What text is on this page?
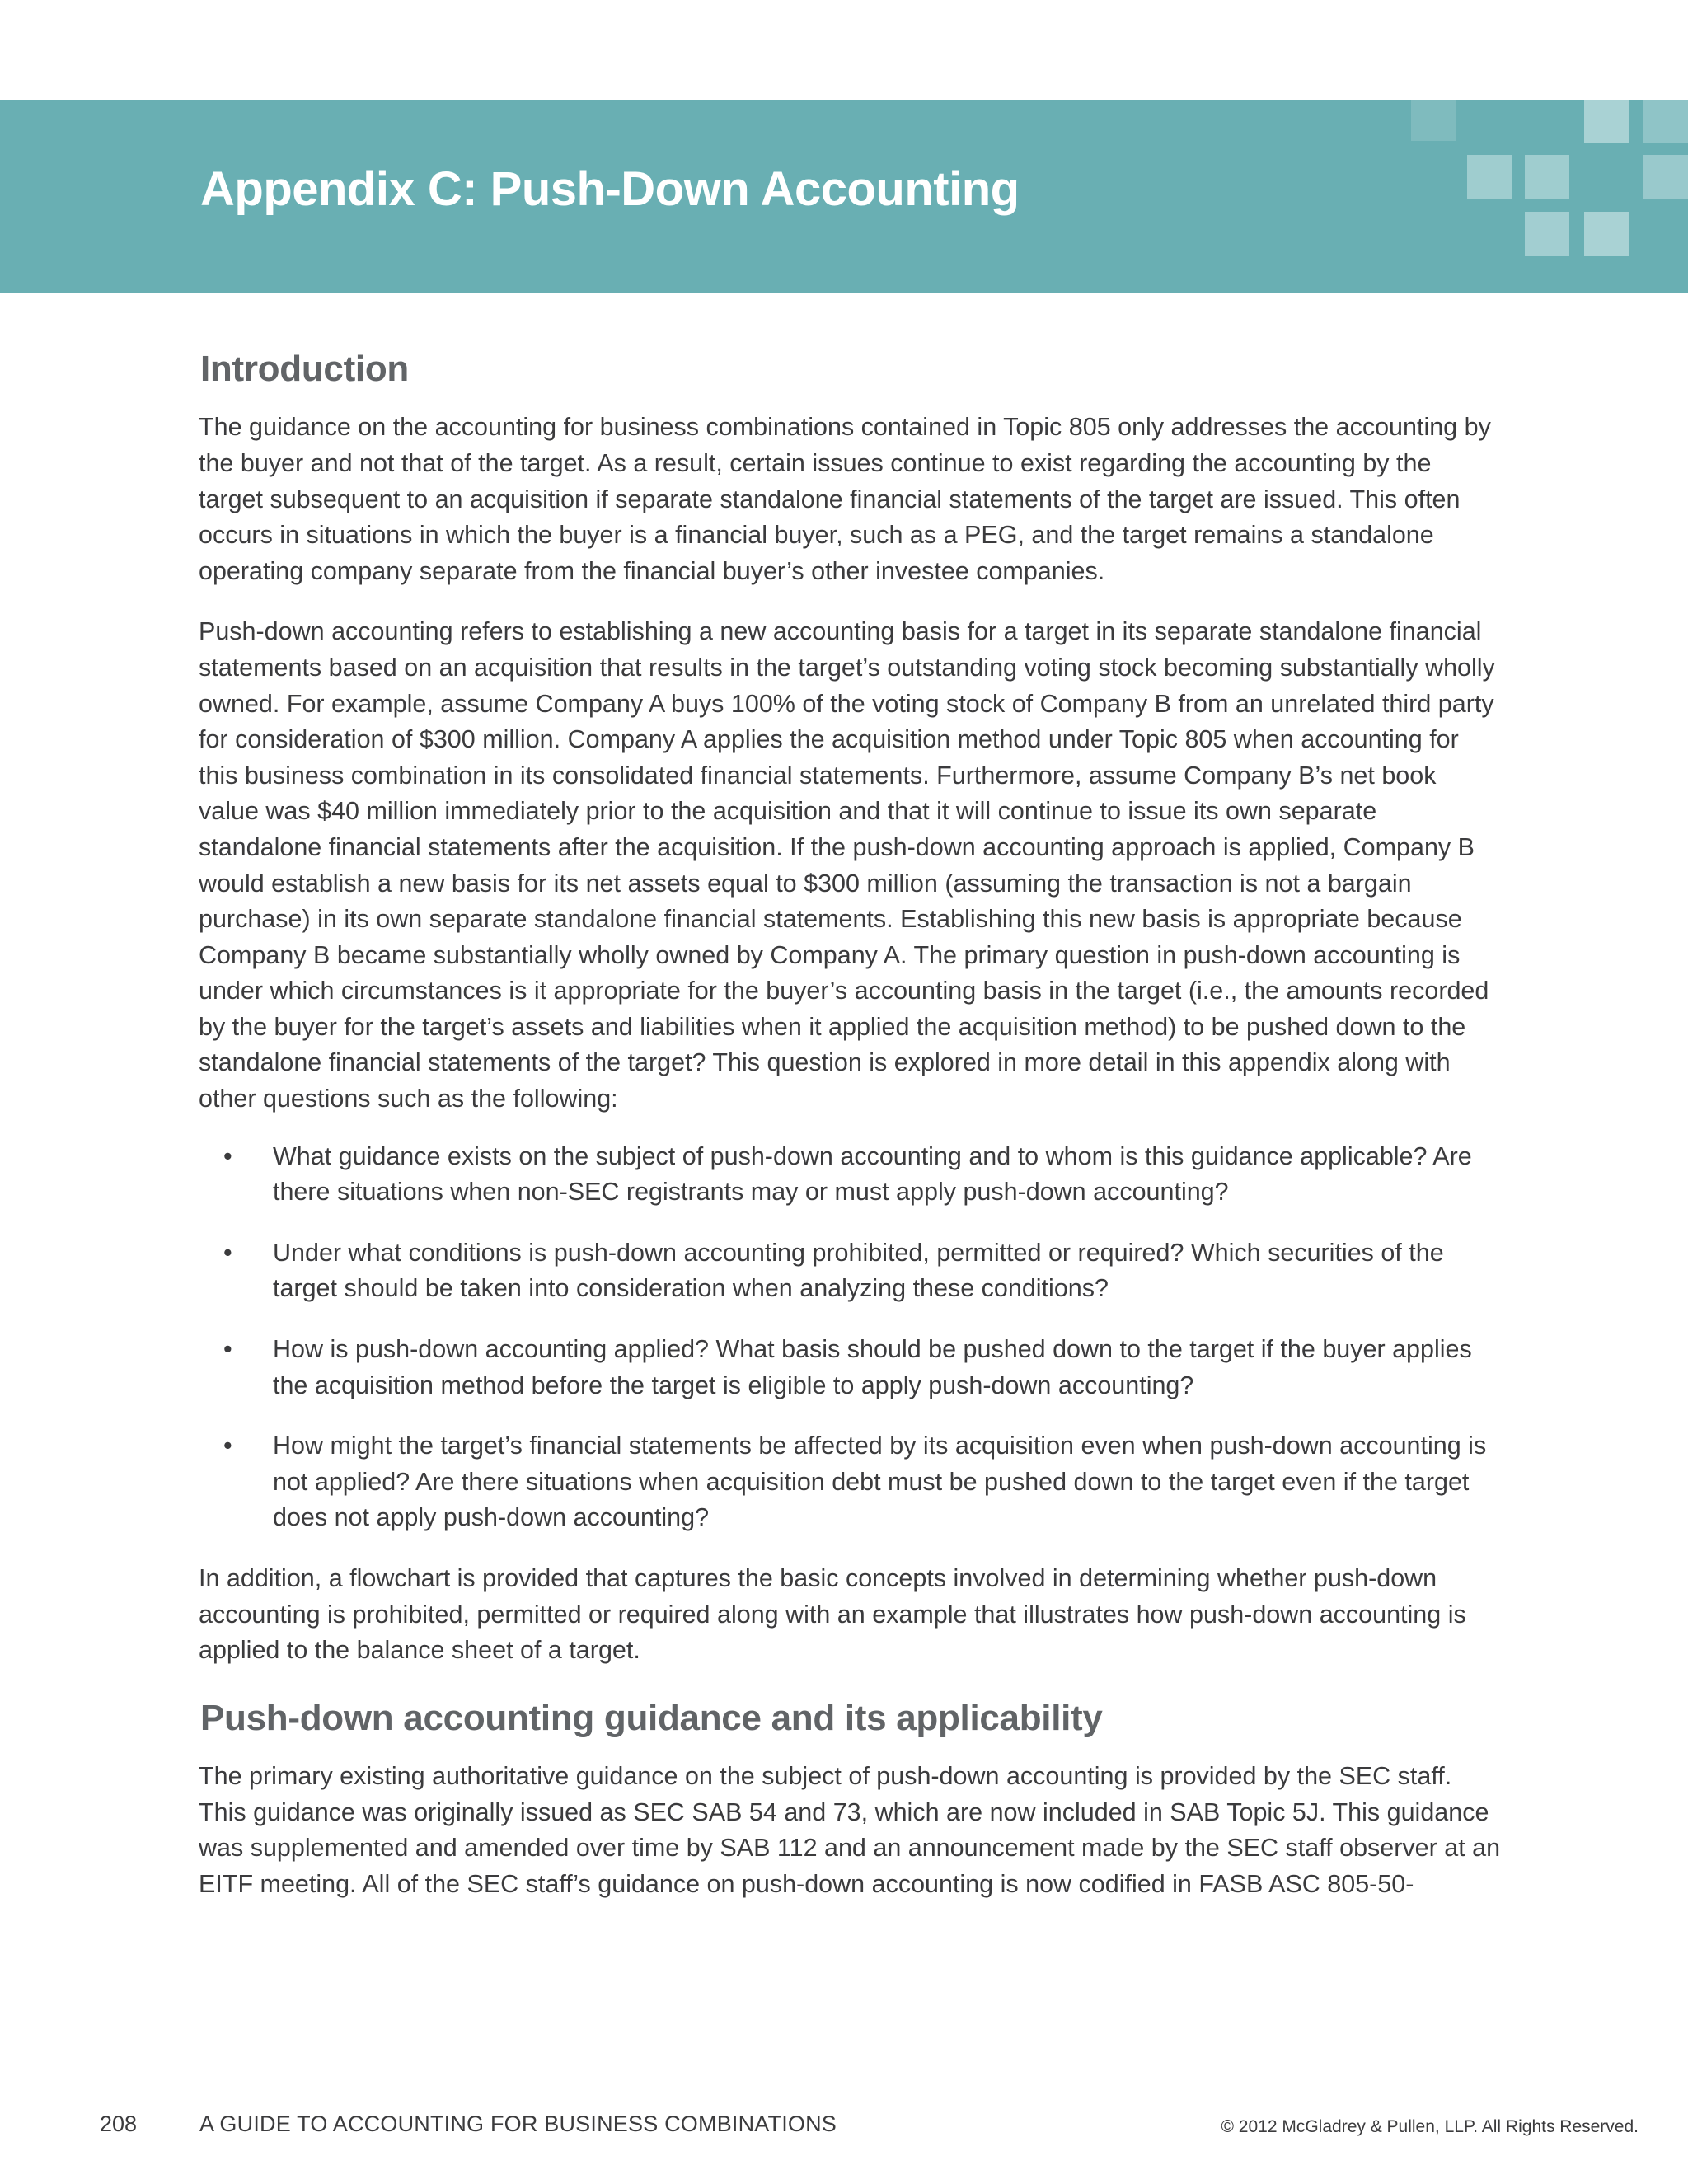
Appendix C: Push-Down Accounting
Introduction

The guidance on the accounting for business combinations contained in Topic 805 only addresses the accounting by the buyer and not that of the target. As a result, certain issues continue to exist regarding the accounting by the target subsequent to an acquisition if separate standalone financial statements of the target are issued. This often occurs in situations in which the buyer is a financial buyer, such as a PEG, and the target remains a standalone operating company separate from the financial buyer’s other investee companies.

Push-down accounting refers to establishing a new accounting basis for a target in its separate standalone financial statements based on an acquisition that results in the target’s outstanding voting stock becoming substantially wholly owned. For example, assume Company A buys 100% of the voting stock of Company B from an unrelated third party for consideration of $300 million. Company A applies the acquisition method under Topic 805 when accounting for this business combination in its consolidated financial statements. Furthermore, assume Company B’s net book value was $40 million immediately prior to the acquisition and that it will continue to issue its own separate standalone financial statements after the acquisition. If the push-down accounting approach is applied, Company B would establish a new basis for its net assets equal to $300 million (assuming the transaction is not a bargain purchase) in its own separate standalone financial statements. Establishing this new basis is appropriate because Company B became substantially wholly owned by Company A. The primary question in push-down accounting is under which circumstances is it appropriate for the buyer’s accounting basis in the target (i.e., the amounts recorded by the buyer for the target’s assets and liabilities when it applied the acquisition method) to be pushed down to the standalone financial statements of the target? This question is explored in more detail in this appendix along with other questions such as the following:

• What guidance exists on the subject of push-down accounting and to whom is this guidance applicable? Are there situations when non-SEC registrants may or must apply push-down accounting?
• Under what conditions is push-down accounting prohibited, permitted or required? Which securities of the target should be taken into consideration when analyzing these conditions?
• How is push-down accounting applied? What basis should be pushed down to the target if the buyer applies the acquisition method before the target is eligible to apply push-down accounting?
• How might the target’s financial statements be affected by its acquisition even when push-down accounting is not applied? Are there situations when acquisition debt must be pushed down to the target even if the target does not apply push-down accounting?

In addition, a flowchart is provided that captures the basic concepts involved in determining whether push-down accounting is prohibited, permitted or required along with an example that illustrates how push-down accounting is applied to the balance sheet of a target.

Push-down accounting guidance and its applicability

The primary existing authoritative guidance on the subject of push-down accounting is provided by the SEC staff. This guidance was originally issued as SEC SAB 54 and 73, which are now included in SAB Topic 5J. This guidance was supplemented and amended over time by SAB 112 and an announcement made by the SEC staff observer at an EITF meeting. All of the SEC staff’s guidance on push-down accounting is now codified in FASB ASC 805-50-

208	A GUIDE TO ACCOUNTING FOR BUSINESS COMBINATIONS	© 2012 McGladrey & Pullen, LLP. All Rights Reserved.
